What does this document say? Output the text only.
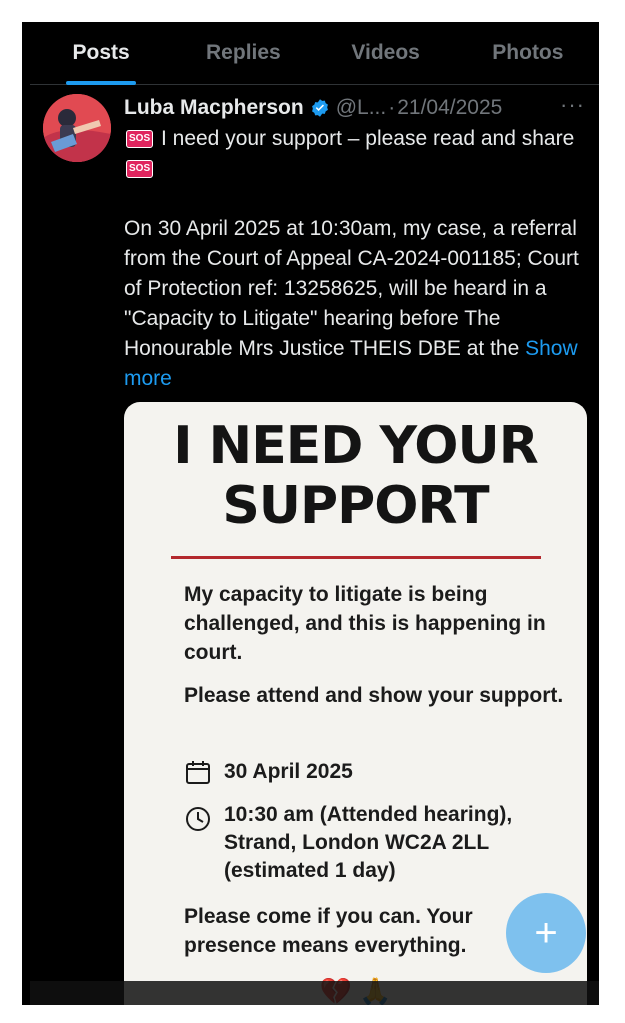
Posts	Replies	Videos	Photos
Luba Macpherson @L... · 21/04/2025	···

SOS I need your support – please read and share SOS

On 30 April 2025 at 10:30am, my case, a referral from the Court of Appeal CA-2024-001185; Court of Protection ref: 13258625, will be heard in a "Capacity to Litigate" hearing before The Honourable Mrs Justice THEIS DBE at the Show more

I NEED YOUR
SUPPORT
My capacity to litigate is being challenged, and this is happening in court.
Please attend and show your support.
30 April 2025
10:30 am (Attended hearing), Strand, London WC2A 2LL (estimated 1 day)
Please come if you can. Your presence means everything.	+
